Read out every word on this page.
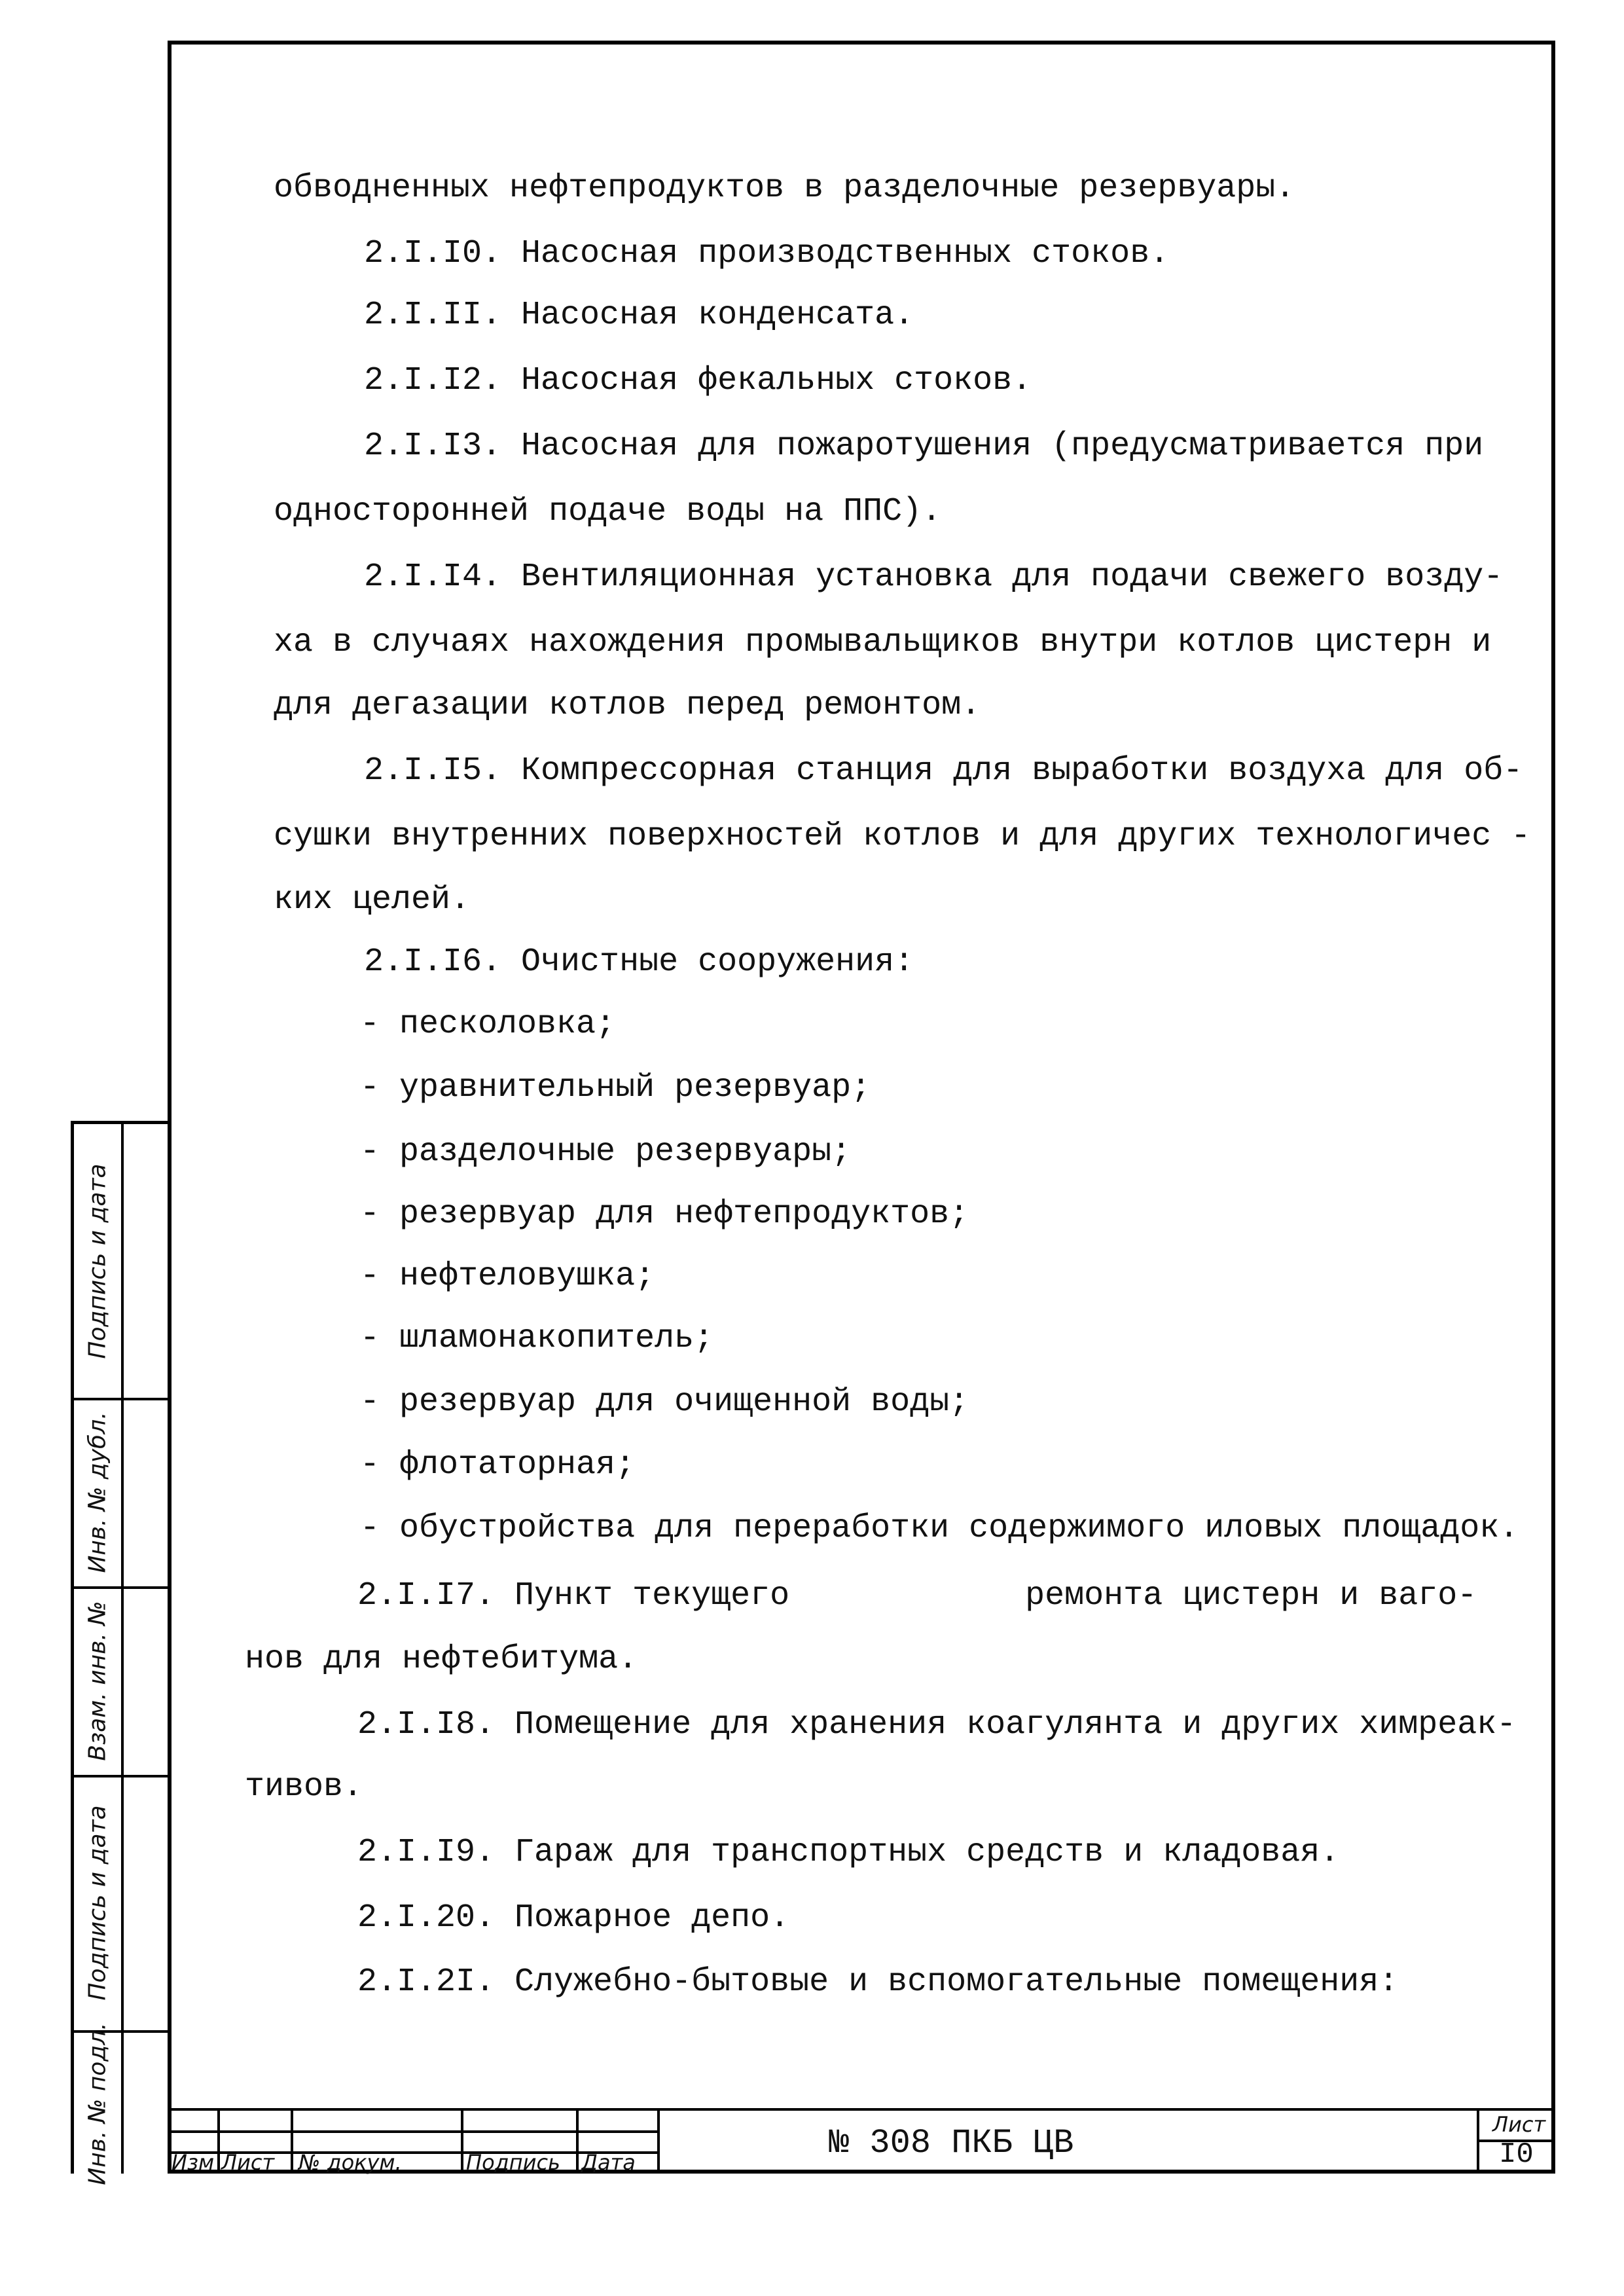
обводненных нефтепродуктов в разделочные резервуары.
2.I.I0. Насосная производственных стоков.
2.I.II. Насосная конденсата.
2.I.I2. Насосная фекальных стоков.
2.I.I3. Насосная для пожаротушения (предусматривается при
односторонней подаче воды на ППС).
2.I.I4. Вентиляционная установка для подачи свежего возду-
ха в случаях нахождения промывальщиков внутри котлов цистерн и
для дегазации котлов перед ремонтом.
2.I.I5. Компрессорная станция для выработки воздуха для об-
сушки внутренних поверхностей котлов и для других технологичес -
ких целей.
2.I.I6. Очистные сооружения:
- песколовка;
- уравнительный резервуар;
- разделочные резервуары;
- резервуар для нефтепродуктов;
- нефтеловушка;
- шламонакопитель;
- резервуар для очищенной воды;
- флотаторная;
- обустройства для переработки содержимого иловых площадок.
2.I.I7. Пункт текущего            ремонта цистерн и ваго-
нов для нефтебитума.
2.I.I8. Помещение для хранения коагулянта и других химреак-
тивов.
2.I.I9. Гараж для транспортных средств и кладовая.
2.I.20. Пожарное депо.
2.I.2I. Служебно-бытовые и вспомогательные помещения:
Подпись и дата
Инв. № дубл.
Взам. инв. №
Подпись и дата
Инв. № подл.	Изм Лист № докум.	Подпись Дата	№ 308 ПКБ ЦВ	Лист
I0
